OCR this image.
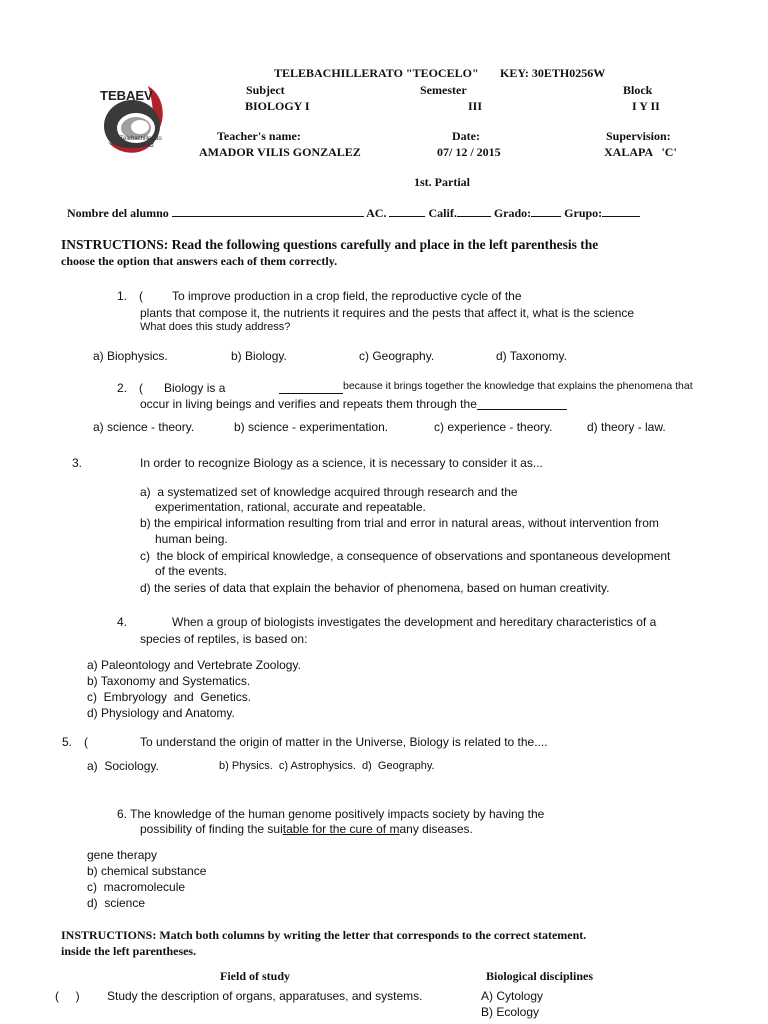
TEBAEV
Telebachillerato
de Veracruz
TELEBACHILLERATO "TEOCELO" KEY: 30ETH0256W
Subject
BIOLOGY I
Semester
III
Block
I Y II
Teacher's name:
AMADOR VILIS GONZALEZ
Date:
07/ 12 / 2015
Supervision:
XALAPA   'C'
1st. Partial
Nombre del alumno	AC.	Calif.	Grado:	Grupo:
INSTRUCTIONS: Read the following questions carefully and place in the left parenthesis the
choose the option that answers each of them correctly.
1. ( To improve production in a crop field, the reproductive cycle of the
plants that compose it, the nutrients it requires and the pests that affect it, what is the science
What does this study address?
a) Biophysics.	b) Biology.	c) Geography.	d) Taxonomy.
2. ( Biology is a	because it brings together the knowledge that explains the phenomena that
occur in living beings and verifies and repeats them through the
a) science - theory.	b) science - experimentation.	c) experience - theory.	d) theory - law.
3.	In order to recognize Biology as a science, it is necessary to consider it as...
a)  a systematized set of knowledge acquired through research and the
experimentation, rational, accurate and repeatable.
b) the empirical information resulting from trial and error in natural areas, without intervention from
human being.
c)  the block of empirical knowledge, a consequence of observations and spontaneous development
of the events.
d) the series of data that explain the behavior of phenomena, based on human creativity.
4.	When a group of biologists investigates the development and hereditary characteristics of a
species of reptiles, is based on:
a) Paleontology and Vertebrate Zoology.
b) Taxonomy and Systematics.
c)  Embryology  and  Genetics.
d) Physiology and Anatomy.
5. (	To understand the origin of matter in the Universe, Biology is related to the....
a)  Sociology.	b) Physics.  c) Astrophysics.  d)  Geography.
6. The knowledge of the human genome positively impacts society by having the
possibility of finding the suitable for the cure of many diseases.
gene therapy
b) chemical substance
c)  macromolecule
d)  science
INSTRUCTIONS: Match both columns by writing the letter that corresponds to the correct statement.
inside the left parentheses.
Field of study	Biological disciplines
(     ) Study the description of organs, apparatuses, and systems.	A) Cytology
B) Ecology
